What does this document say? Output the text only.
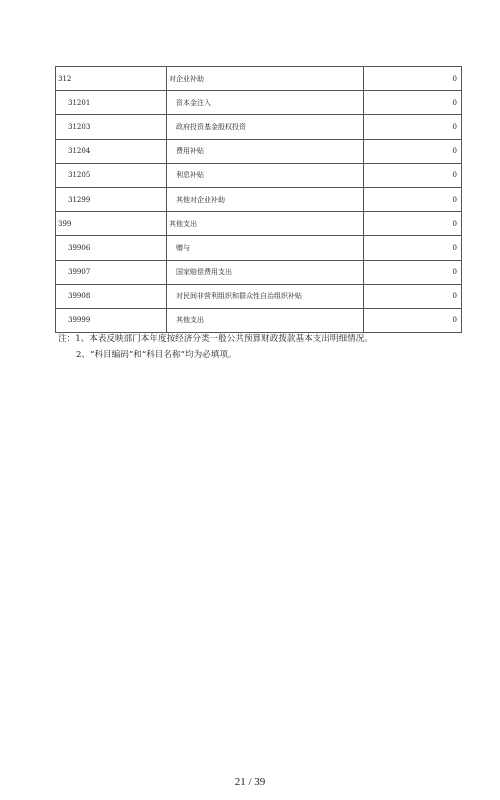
312	对企业补助	0
31201	资本金注入	0
31203	政府投资基金股权投资	0
31204	费用补贴	0
31205	利息补贴	0
31299	其他对企业补助	0
399	其他支出	0
39906	赠与	0
39907	国家赔偿费用支出	0
39908	对民间非营利组织和群众性自治组织补贴	0
39999	其他支出	0
注：1、本表反映部门本年度按经济分类一般公共预算财政拨款基本支出明细情况。
2、“科目编码”和“科目名称”均为必填项。
21 / 39
